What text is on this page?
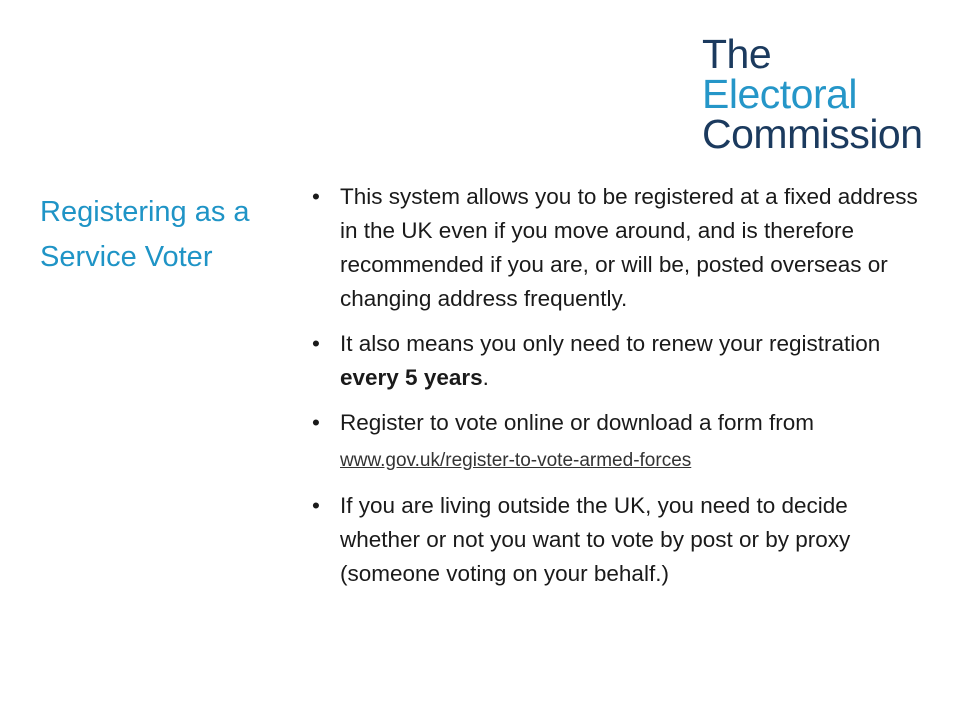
The
Electoral
Commission
Registering as a Service Voter
• This system allows you to be registered at a fixed address in the UK even if you move around, and is therefore recommended if you are, or will be, posted overseas or changing address frequently.
• It also means you only need to renew your registration every 5 years.
• Register to vote online or download a form from www.gov.uk/register-to-vote-armed-forces
• If you are living outside the UK, you need to decide whether or not you want to vote by post or by proxy (someone voting on your behalf.)
